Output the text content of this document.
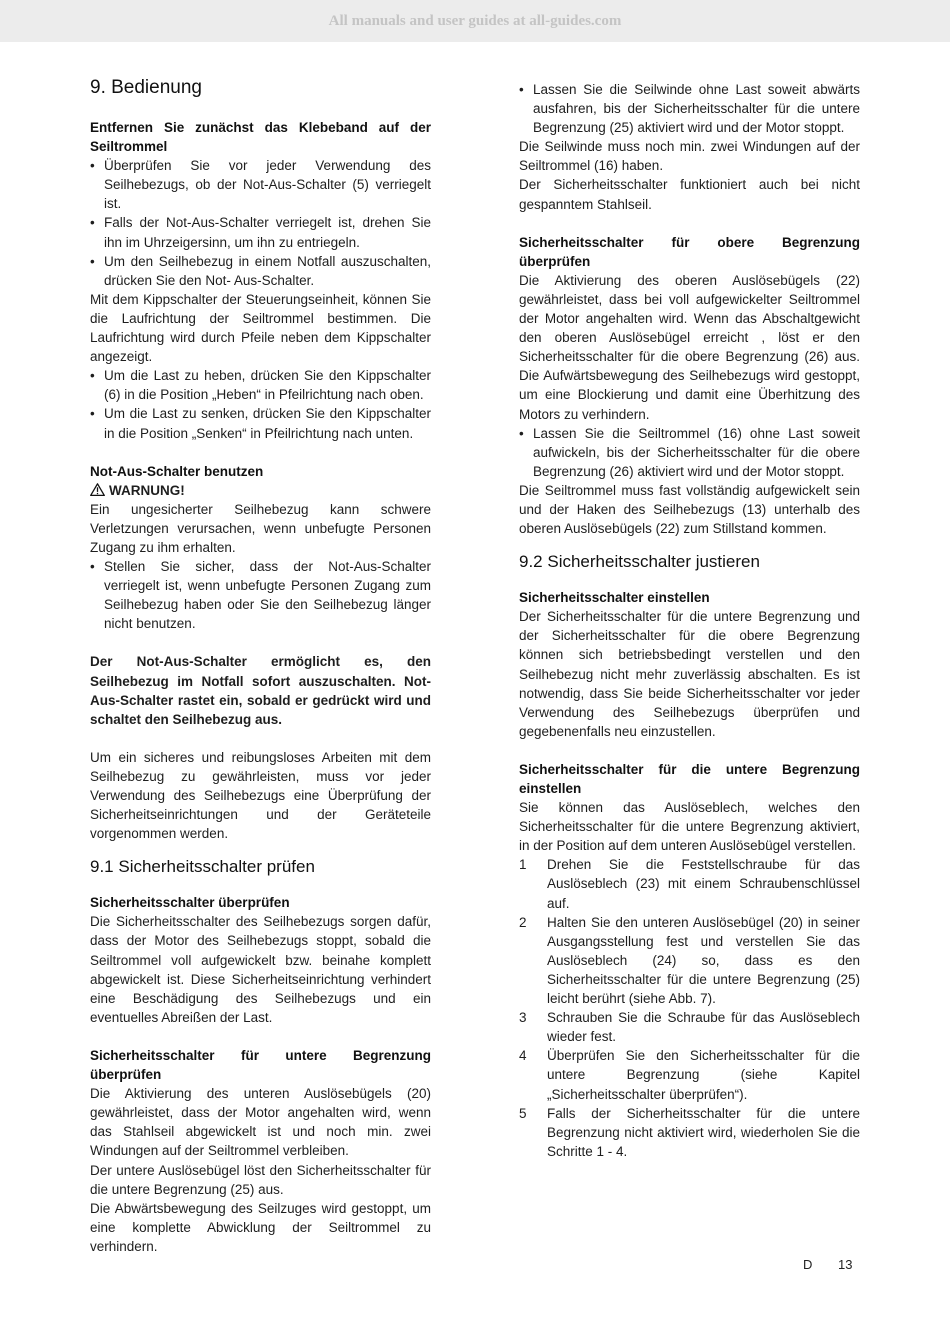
All manuals and user guides at all-guides.com
9. Bedienung

Entfernen Sie zunächst das Klebeband auf der Seiltrommel

• Überprüfen Sie vor jeder Verwendung des Seilhebezugs, ob der Not-Aus-Schalter (5) verriegelt ist.
• Falls der Not-Aus-Schalter verriegelt ist, drehen Sie ihn im Uhrzeigersinn, um ihn zu entriegeln.
• Um den Seilhebezug in einem Notfall auszuschalten, drücken Sie den Not- Aus-Schalter.

Mit dem Kippschalter der Steuerungseinheit, können Sie die Laufrichtung der Seiltrommel bestimmen. Die Laufrichtung wird durch Pfeile neben dem Kippschalter angezeigt.

• Um die Last zu heben, drücken Sie den Kippschalter (6) in die Position „Heben“ in Pfeilrichtung nach oben.
• Um die Last zu senken, drücken Sie den Kippschalter in die Position „Senken“ in Pfeilrichtung nach unten.

Not-Aus-Schalter benutzen

WARNUNG!

Ein ungesicherter Seilhebezug kann schwere Verletzungen verursachen, wenn unbefugte Personen Zugang zu ihm erhalten.

• Stellen Sie sicher, dass der Not-Aus-Schalter verriegelt ist, wenn unbefugte Personen Zugang zum Seilhebezug haben oder Sie den Seilhebezug länger nicht benutzen.

Der Not-Aus-Schalter ermöglicht es, den Seilhebezug im Notfall sofort auszuschalten. Not-Aus-Schalter rastet ein, sobald er gedrückt wird und schaltet den Seilhebezug aus.

Um ein sicheres und reibungsloses Arbeiten mit dem Seilhebezug zu gewährleisten, muss vor jeder Verwendung des Seilhebezugs eine Überprüfung der Sicherheitseinrichtungen und der Geräteteile vorgenommen werden.

9.1 Sicherheitsschalter prüfen

Sicherheitsschalter überprüfen

Die Sicherheitsschalter des Seilhebezugs sorgen dafür, dass der Motor des Seilhebezugs stoppt, sobald die Seiltrommel voll aufgewickelt bzw. beinahe komplett abgewickelt ist. Diese Sicherheitseinrichtung verhindert eine Beschädigung des Seilhebezugs und ein eventuelles Abreißen der Last.

Sicherheitsschalter für untere Begrenzung überprüfen

Die Aktivierung des unteren Auslösebügels (20) gewährleistet, dass der Motor angehalten wird, wenn das Stahlseil abgewickelt ist und noch min. zwei Windungen auf der Seiltrommel verbleiben.

Der untere Auslösebügel löst den Sicherheitsschalter für die untere Begrenzung (25) aus.

Die Abwärtsbewegung des Seilzuges wird gestoppt, um eine komplette Abwicklung der Seiltrommel zu verhindern.

• Lassen Sie die Seilwinde ohne Last soweit abwärts ausfahren, bis der Sicherheitsschalter für die untere Begrenzung (25) aktiviert wird und der Motor stoppt.

Die Seilwinde muss noch min. zwei Windungen auf der Seiltrommel (16) haben.

Der Sicherheitsschalter funktioniert auch bei nicht gespanntem Stahlseil.

Sicherheitsschalter für obere Begrenzung überprüfen

Die Aktivierung des oberen Auslösebügels (22) gewährleistet, dass bei voll aufgewickelter Seiltrommel der Motor angehalten wird. Wenn das Abschaltgewicht den oberen Auslösebügel erreicht , löst er den Sicherheitsschalter für die obere Begrenzung (26) aus. Die Aufwärtsbewegung des Seilhebezugs wird gestoppt, um eine Blockierung und damit eine Überhitzung des Motors zu verhindern.

• Lassen Sie die Seiltrommel (16) ohne Last soweit aufwickeln, bis der Sicherheitsschalter für die obere Begrenzung (26) aktiviert wird und der Motor stoppt.

Die Seiltrommel muss fast vollständig aufgewickelt sein und der Haken des Seilhebezugs (13) unterhalb des oberen Auslösebügels (22) zum Stillstand kommen.

9.2 Sicherheitsschalter justieren

Sicherheitsschalter einstellen

Der Sicherheitsschalter für die untere Begrenzung und der Sicherheitsschalter für die obere Begrenzung können sich betriebsbedingt verstellen und den Seilhebezug nicht mehr zuverlässig abschalten. Es ist notwendig, dass Sie beide Sicherheitsschalter vor jeder Verwendung des Seilhebezugs überprüfen und gegebenenfalls neu einzustellen.

Sicherheitsschalter für die untere Begrenzung einstellen

Sie können das Auslöseblech, welches den Sicherheitsschalter für die untere Begrenzung aktiviert, in der Position auf dem unteren Auslösebügel verstellen.

1 Drehen Sie die Feststellschraube für das Auslöseblech (23) mit einem Schraubenschlüssel auf.
2 Halten Sie den unteren Auslösebügel (20) in seiner Ausgangsstellung fest und verstellen Sie das Auslöseblech (24) so, dass es den Sicherheitsschalter für die untere Begrenzung (25) leicht berührt (siehe Abb. 7).
3 Schrauben Sie die Schraube für das Auslöseblech wieder fest.
4 Überprüfen Sie den Sicherheitsschalter für die untere Begrenzung (siehe Kapitel „Sicherheitsschalter überprüfen“).
5 Falls der Sicherheitsschalter für die untere Begrenzung nicht aktiviert wird, wiederholen Sie die Schritte 1 - 4.
D 13
